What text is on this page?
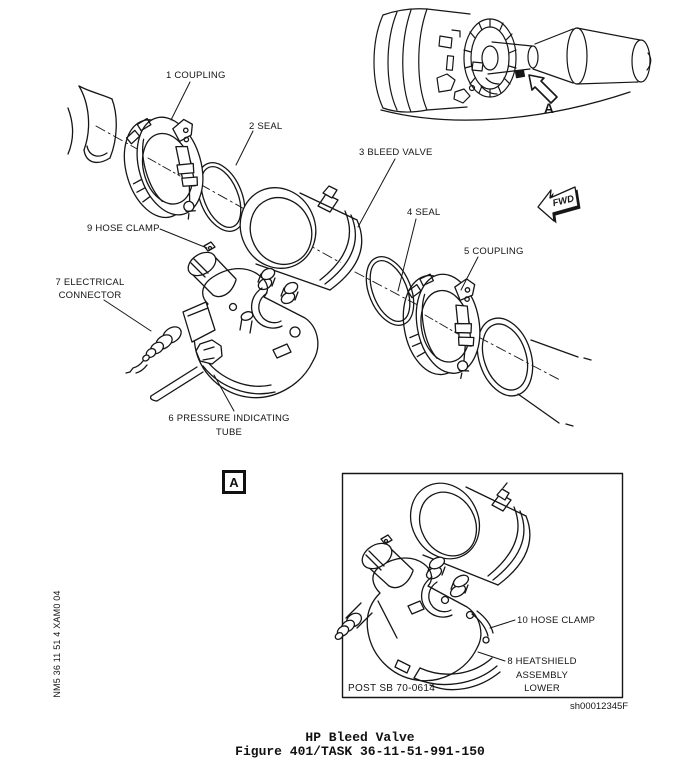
FWD
1 COUPLING
2 SEAL
3 BLEED VALVE
4 SEAL
5 COUPLING
9 HOSE CLAMP
7 ELECTRICAL
CONNECTOR
6 PRESSURE INDICATING
TUBE
A
A
10 HOSE CLAMP
8 HEATSHIELD
ASSEMBLY
LOWER
POST SB 70-0614
sh00012345F
NM5 36 11 51 4 XAM0 04
HP Bleed Valve
Figure 401/TASK 36-11-51-991-150
